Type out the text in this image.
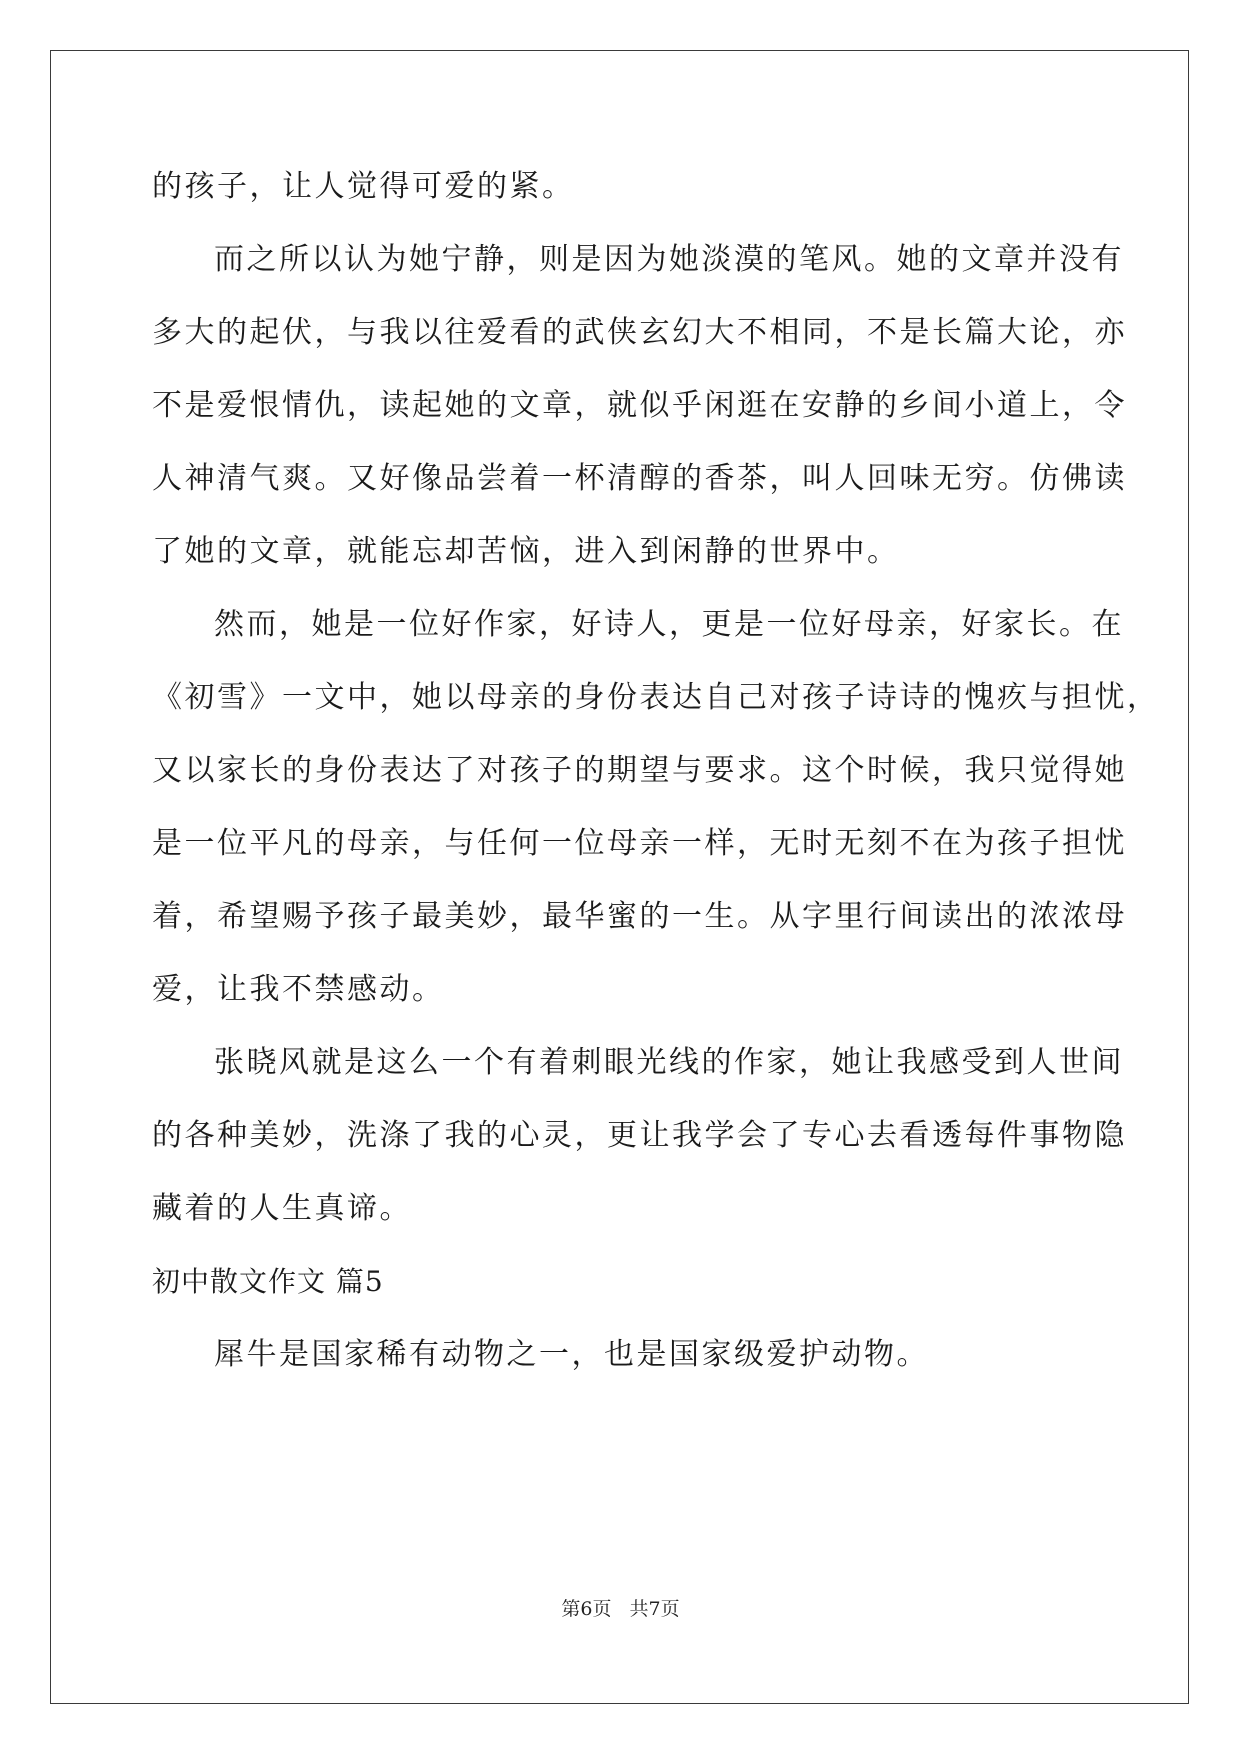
的孩子，让人觉得可爱的紧。
而之所以认为她宁静，则是因为她淡漠的笔风。她的文章并没有
多大的起伏，与我以往爱看的武侠玄幻大不相同，不是长篇大论，亦
不是爱恨情仇，读起她的文章，就似乎闲逛在安静的乡间小道上，令
人神清气爽。又好像品尝着一杯清醇的香茶，叫人回味无穷。仿佛读
了她的文章，就能忘却苦恼，进入到闲静的世界中。
然而，她是一位好作家，好诗人，更是一位好母亲，好家长。在
《初雪》一文中，她以母亲的身份表达自己对孩子诗诗的愧疚与担忧，
又以家长的身份表达了对孩子的期望与要求。这个时候，我只觉得她
是一位平凡的母亲，与任何一位母亲一样，无时无刻不在为孩子担忧
着，希望赐予孩子最美妙，最华蜜的一生。从字里行间读出的浓浓母
爱，让我不禁感动。
张晓风就是这么一个有着刺眼光线的作家，她让我感受到人世间
的各种美妙，洗涤了我的心灵，更让我学会了专心去看透每件事物隐
藏着的人生真谛。
初中散文作文 篇5
犀牛是国家稀有动物之一，也是国家级爱护动物。
第6页 共7页
